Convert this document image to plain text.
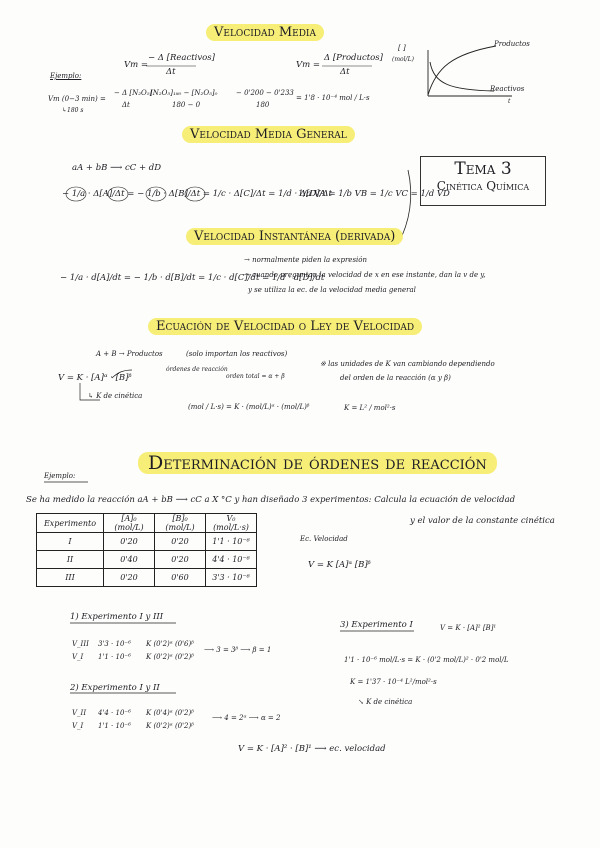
Velocidad Media
Vm =
− Δ [Reactivos]
Δt
Vm =
Δ [Productos]
Δt
[ ]
(mol/L)
Productos
Reactivos
t
Ejemplo:
Vm (0−3 min) =
↳180 s
− Δ [N₂O₅]
Δt
[N₂O₅]₁₈₀ − [N₂O₅]₀
180 − 0
− 0'200 − 0'233
180
= 1'8 · 10⁻⁴ mol / L·s
Velocidad Media General
Tema 3
Cinética Química
aA + bB ⟶ cC + dD
− 1/a · Δ[A]/Δt = − 1/b · Δ[B]/Δt = 1/c · Δ[C]/Δt = 1/d · Δ[D]/Δt
1/a VA = 1/b VB = 1/c VC = 1/d VD
Velocidad Instantánea (derivada)
− 1/a · d[A]/dt = − 1/b · d[B]/dt = 1/c · d[C]/dt = 1/d · d[D]/dt
→ normalmente piden la expresión
→ cuando preguntan la velocidad de x en ese instante, dan la v de y,
y se utiliza la ec. de la velocidad media general
Ecuación de Velocidad o Ley de Velocidad
A + B → Productos	(solo importan los reactivos)
V = K · [A]ᵅ · [B]ᵝ
órdenes de reacción
orden total = α + β
↳ K de cinética
(mol / L·s) = K · (mol/L)ᵅ · (mol/L)ᵝ	K = L² / mol²·s
※ las unidades de K van cambiando dependiendo
del orden de la reacción (α y β)
Determinación de órdenes de reacción
Ejemplo:
Se ha medido la reacción aA + bB ⟶ cC a X °C y han diseñado 3 experimentos: Calcula la ecuación de velocidad
y el valor de la constante cinética
Experimento	[A]₀ (mol/L)	[B]₀ (mol/L)	V₀ (mol/L·s)
I	0'20	0'20	1'1 · 10⁻⁶
II	0'40	0'20	4'4 · 10⁻⁶
III	0'20	0'60	3'3 · 10⁻⁶
Ec. Velocidad
V = K [A]ᵅ [B]ᵝ
1) Experimento I y III
V_III
V_I
3'3 · 10⁻⁶
1'1 · 10⁻⁶
K (0'2)ᵅ (0'6)ᵝ
K (0'2)ᵅ (0'2)ᵝ
⟶ 3 = 3ᵝ ⟶ β = 1
2) Experimento I y II
V_II
V_I
4'4 · 10⁻⁶
1'1 · 10⁻⁶
K (0'4)ᵅ (0'2)ᵝ
K (0'2)ᵅ (0'2)ᵝ
⟶ 4 = 2ᵅ ⟶ α = 2
3) Experimento I	V = K · [A]² [B]¹
1'1 · 10⁻⁶ mol/L·s = K · (0'2 mol/L)² · 0'2 mol/L
K = 1'37 · 10⁻⁴ L²/mol²·s
↘ K de cinética
V = K · [A]² · [B]¹ ⟶ ec. velocidad
